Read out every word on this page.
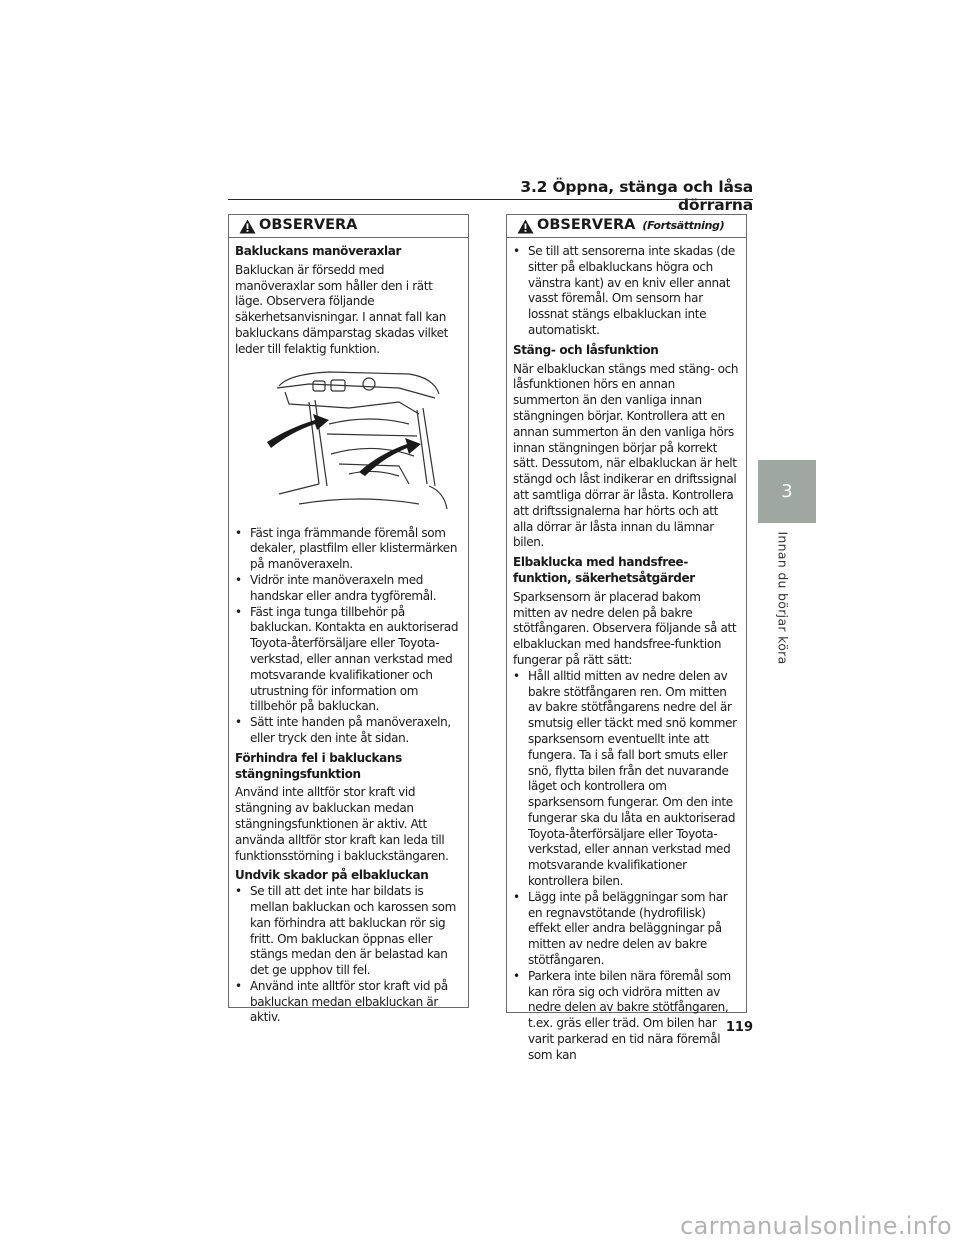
3.2 Öppna, stänga och låsa dörrarna
OBSERVERA
Bakluckans manöveraxlar

Bakluckan är försedd med manöveraxlar som håller den i rätt läge. Observera följande säkerhetsanvisningar. I annat fall kan bakluckans dämparstag skadas vilket leder till felaktig funktion.

• Fäst inga främmande föremål som dekaler, plastfilm eller klistermärken på manöveraxeln.
• Vidrör inte manöveraxeln med handskar eller andra tygföremål.
• Fäst inga tunga tillbehör på bakluckan. Kontakta en auktoriserad Toyota-återförsäljare eller Toyota-verkstad, eller annan verkstad med motsvarande kvalifikationer och utrustning för information om tillbehör på bakluckan.
• Sätt inte handen på manöveraxeln, eller tryck den inte åt sidan.
Förhindra fel i bakluckans stängningsfunktion

Använd inte alltför stor kraft vid stängning av bakluckan medan stängningsfunktionen är aktiv. Att använda alltför stor kraft kan leda till funktionsstörning i bakluckstängaren.

Undvik skador på elbakluckan
• Se till att det inte har bildats is mellan bakluckan och karossen som kan förhindra att bakluckan rör sig fritt. Om bakluckan öppnas eller stängs medan den är belastad kan det ge upphov till fel.
• Använd inte alltför stor kraft vid på bakluckan medan elbakluckan är aktiv.
OBSERVERA (Fortsättning)
• Se till att sensorerna inte skadas (de sitter på elbakluckans högra och vänstra kant) av en kniv eller annat vasst föremål. Om sensorn har lossnat stängs elbakluckan inte automatiskt.
Stäng- och låsfunktion

När elbakluckan stängs med stäng- och låsfunktionen hörs en annan summerton än den vanliga innan stängningen börjar. Kontrollera att en annan summerton än den vanliga hörs innan stängningen börjar på korrekt sätt. Dessutom, när elbakluckan är helt stängd och låst indikerar en driftssignal att samtliga dörrar är låsta. Kontrollera att driftssignalerna har hörts och att alla dörrar är låsta innan du lämnar bilen.

Elbaklucka med handsfree-funktion, säkerhetsåtgärder

Sparksensorn är placerad bakom mitten av nedre delen på bakre stötfångaren. Observera följande så att elbakluckan med handsfree-funktion fungerar på rätt sätt:

• Håll alltid mitten av nedre delen av bakre stötfångaren ren. Om mitten av bakre stötfångarens nedre del är smutsig eller täckt med snö kommer sparksensorn eventuellt inte att fungera. Ta i så fall bort smuts eller snö, flytta bilen från det nuvarande läget och kontrollera om sparksensorn fungerar. Om den inte fungerar ska du låta en auktoriserad Toyota-återförsäljare eller Toyota-verkstad, eller annan verkstad med motsvarande kvalifikationer kontrollera bilen.
• Lägg inte på beläggningar som har en regnavstötande (hydrofilisk) effekt eller andra beläggningar på mitten av nedre delen av bakre stötfångaren.
• Parkera inte bilen nära föremål som kan röra sig och vidröra mitten av nedre delen av bakre stötfångaren, t.ex. gräs eller träd. Om bilen har varit parkerad en tid nära föremål som kan
3
Innan du börjar köra
119
carmanualsonline.info
